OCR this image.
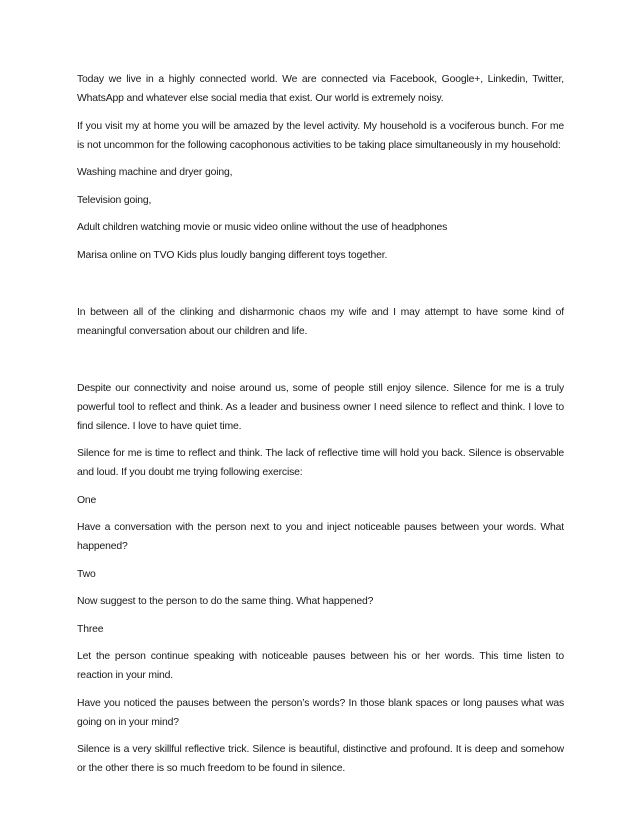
Today we live in a highly connected world. We are connected via Facebook, Google+, Linkedin, Twitter, WhatsApp and whatever else social media that exist. Our world is extremely noisy.

If you visit my at home you will be amazed by the level activity. My household is a vociferous bunch. For me is not uncommon for the following cacophonous activities to be taking place simultaneously in my household:

Washing machine and dryer going,

Television going,

Adult children watching movie or music video online without the use of headphones

Marisa online on TVO Kids plus loudly banging different toys together.

In between all of the clinking and disharmonic chaos my wife and I may attempt to have some kind of meaningful conversation about our children and life.

Despite our connectivity and noise around us, some of people still enjoy silence. Silence for me is a truly powerful tool to reflect and think. As a leader and business owner I need silence to reflect and think. I love to find silence. I love to have quiet time.

Silence for me is time to reflect and think. The lack of reflective time will hold you back. Silence is observable and loud. If you doubt me trying following exercise:

One

Have a conversation with the person next to you and inject noticeable pauses between your words. What happened?

Two

Now suggest to the person to do the same thing. What happened?

Three

Let the person continue speaking with noticeable pauses between his or her words. This time listen to reaction in your mind.

Have you noticed the pauses between the person’s words? In those blank spaces or long pauses what was going on in your mind?

Silence is a very skillful reflective trick. Silence is beautiful, distinctive and profound. It is deep and somehow or the other there is so much freedom to be found in silence.
